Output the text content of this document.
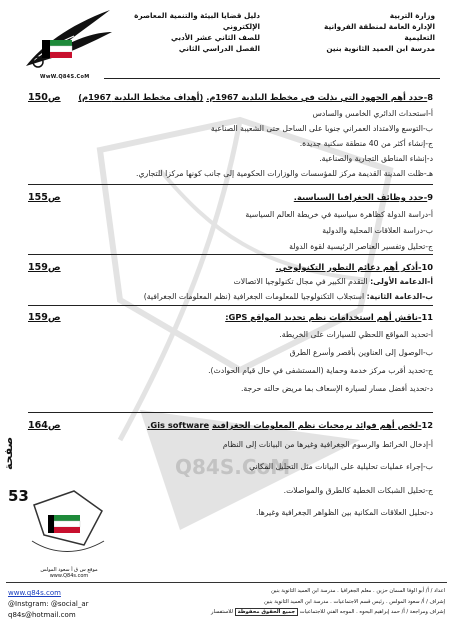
Q84S.CoM
وزارة التربية
الإدارة العامة لمنطقة الفروانية التعليمية
مدرسة ابن العميد الثانوية بنين
دليل قضايا البيئة والتنمية المعاصرة الإلكتروني
للصف الثاني عشر الأدبي
الفصل الدراسي الثاني
WwW.Q84S.CoM
8-حدد أهم الجهود التي بذلت في مخطط البلدية 1967م. (أهداف مخطط البلدية 1967م)
ص150
أ-استحداث الدائري الخامس والسادس
ب-التوسع والامتداد العمراني جنوبا على الساحل حتى الشعيبة الصناعية
ج-إنشاء أكثر من 40 منطقة سكنية جديدة.
د-إنشاء المناطق التجارية والصناعية.
هـ-ظلت المدينة القديمة مركز للمؤسسات والوزارات الحكومية إلى جانب كونها مركزا للتجاري.
9-حدد وظائف الجغرافيا السياسية.
ص155
أ-دراسة الدولة كظاهرة سياسية في خريطة العالم السياسية
ب-دراسة العلاقات المحلية والدولية
ج-تحليل وتفسير العناصر الرئيسية لقوة الدولة
10-أذكر أهم دعائم التطور التكنولوجي.
ص159
أ-الدعامة الأولى: التقدم الكبير في مجال تكنولوجيا الاتصالات
ب-الدعامة الثانية: استجلاب التكنولوجيا للمعلومات الجغرافية (نظم المعلومات الجغرافية)
11-ناقش أهم استخدامات نظم تحديد المواقع GPS:
ص159
أ-تحديد المواقع اللحظي للسيارات على الخريطة.
ب-الوصول إلى العناوين بأقصر وأسرع الطرق
ج-تحديد أقرب مركز خدمة وحماية (المستشفى في حال قيام الحوادث).
د-تحديد أفضل مسار لسيارة الإسعاف بما مريض حالته حرجة.
12-لخص أهم فوائد برمجيات نظم المعلومات الجغرافية Gis software.
ص164
أ-إدخال الخرائط والرسوم الجغرافية وغيرها من البيانات إلى النظام
ب-إجراء عمليات تحليلية على البيانات مثل التحليل المكاني
ج-تحليل الشبكات الخطية كالطرق والمواصلات.
د-تحليل العلاقات المكانية بين الظواهر الجغرافية وغيرها.
صفحة
53
موقع س ق أ سعود المولس
www.Q84s.com
www.q84s.com
@Instgram: @social_ar
q84s@hotmail.com
اعداد / أ/ أبو الوفا السمان حزين . معلم الجغرافيا . مدرسة ابن العميد الثانوية بنين
إشراف / أ/ سعود المولس . رئيس قسم الاجتماعيات . مدرسة ابن العميد الثانوية بنين
إشراف ومراجعة / أ/ حمد إبراهيم البحوه . الموجه الفني للاجتماعيات جميع الحقوق محفوظة للاستفسار
